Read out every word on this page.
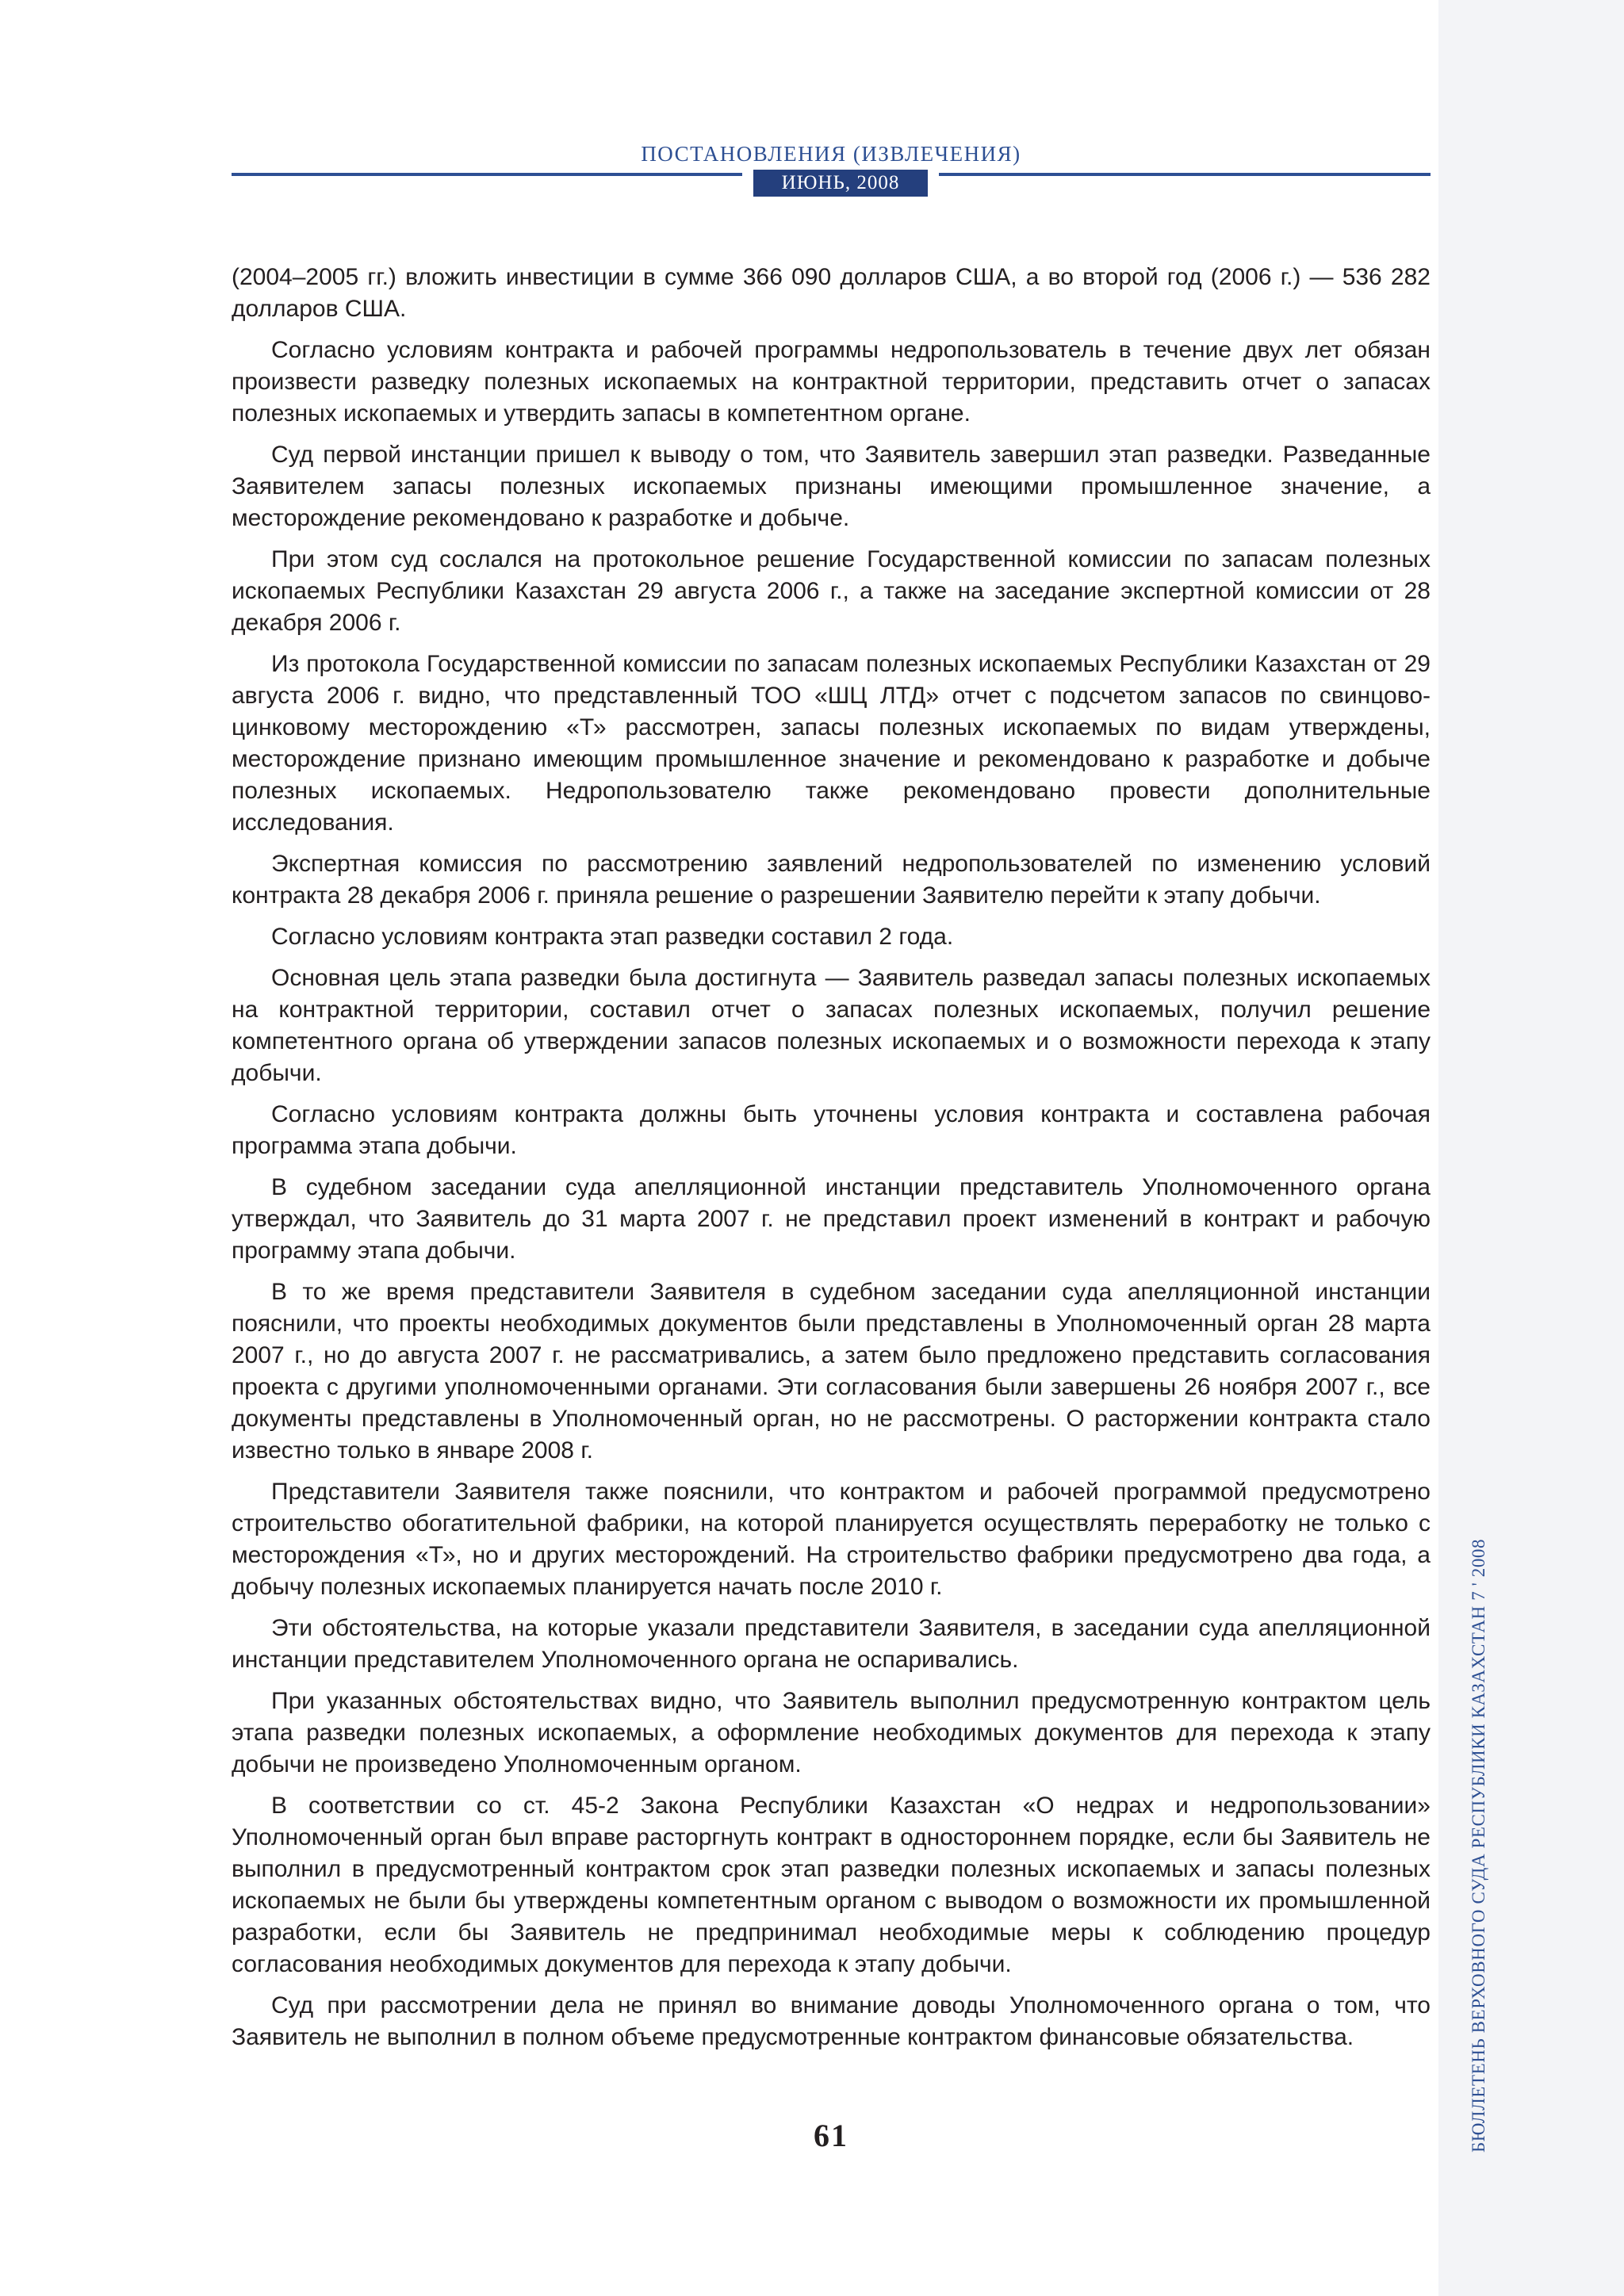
ПОСТАНОВЛЕНИЯ (ИЗВЛЕЧЕНИЯ)
ИЮНЬ, 2008

(2004–2005 гг.) вложить инвестиции в сумме 366 090 долларов США, а во второй год (2006 г.) — 536 282 долларов США.

Согласно условиям контракта и рабочей программы недропользователь в течение двух лет обязан произвести разведку полезных ископаемых на контрактной территории, представить отчет о запасах полезных ископаемых и утвердить запасы в компетентном органе.

Суд первой инстанции пришел к выводу о том, что Заявитель завершил этап разведки. Разведанные Заявителем запасы полезных ископаемых признаны имеющими промышленное значение, а месторождение рекомендовано к разработке и добыче.

При этом суд сослался на протокольное решение Государственной комиссии по запасам полезных ископаемых Республики Казахстан 29 августа 2006 г., а также на заседание экспертной комиссии от 28 декабря 2006 г.

Из протокола Государственной комиссии по запасам полезных ископаемых Республики Казахстан от 29 августа 2006 г. видно, что представленный ТОО «ШЦ ЛТД» отчет с подсчетом запасов по свинцово-цинковому месторождению «Т» рассмотрен, запасы полезных ископаемых по видам утверждены, месторождение признано имеющим промышленное значение и рекомендовано к разработке и добыче полезных ископаемых. Недропользователю также рекомендовано провести дополнительные исследования.

Экспертная комиссия по рассмотрению заявлений недропользователей по изменению условий контракта 28 декабря 2006 г. приняла решение о разрешении Заявителю перейти к этапу добычи.

Согласно условиям контракта этап разведки составил 2 года.

Основная цель этапа разведки была достигнута — Заявитель разведал запасы полезных ископаемых на контрактной территории, составил отчет о запасах полезных ископаемых, получил решение компетентного органа об утверждении запасов полезных ископаемых и о возможности перехода к этапу добычи.

Согласно условиям контракта должны быть уточнены условия контракта и составлена рабочая программа этапа добычи.

В судебном заседании суда апелляционной инстанции представитель Уполномоченного органа утверждал, что Заявитель до 31 марта 2007 г. не представил проект изменений в контракт и рабочую программу этапа добычи.

В то же время представители Заявителя в судебном заседании суда апелляционной инстанции пояснили, что проекты необходимых документов были представлены в Уполномоченный орган 28 марта 2007 г., но до августа 2007 г. не рассматривались, а затем было предложено представить согласования проекта с другими уполномоченными органами. Эти согласования были завершены 26 ноября 2007 г., все документы представлены в Уполномоченный орган, но не рассмотрены. О расторжении контракта стало известно только в январе 2008 г.

Представители Заявителя также пояснили, что контрактом и рабочей программой предусмотрено строительство обогатительной фабрики, на которой планируется осуществлять переработку не только с месторождения «Т», но и других месторождений. На строительство фабрики предусмотрено два года, а добычу полезных ископаемых планируется начать после 2010 г.

Эти обстоятельства, на которые указали представители Заявителя, в заседании суда апелляционной инстанции представителем Уполномоченного органа не оспаривались.

При указанных обстоятельствах видно, что Заявитель выполнил предусмотренную контрактом цель этапа разведки полезных ископаемых, а оформление необходимых документов для перехода к этапу добычи не произведено Уполномоченным органом.

В соответствии со ст. 45-2 Закона Республики Казахстан «О недрах и недропользовании» Уполномоченный орган был вправе расторгнуть контракт в одностороннем порядке, если бы Заявитель не выполнил в предусмотренный контрактом срок этап разведки полезных ископаемых и запасы полезных ископаемых не были бы утверждены компетентным органом с выводом о возможности их промышленной разработки, если бы Заявитель не предпринимал необходимые меры к соблюдению процедур согласования необходимых документов для перехода к этапу добычи.

Суд при рассмотрении дела не принял во внимание доводы Уполномоченного органа о том, что Заявитель не выполнил в полном объеме предусмотренные контрактом финансовые обязательства.

61	БЮЛЛЕТЕНЬ ВЕРХОВНОГО СУДА РЕСПУБЛИКИ КАЗАХСТАН 7 ' 2008
